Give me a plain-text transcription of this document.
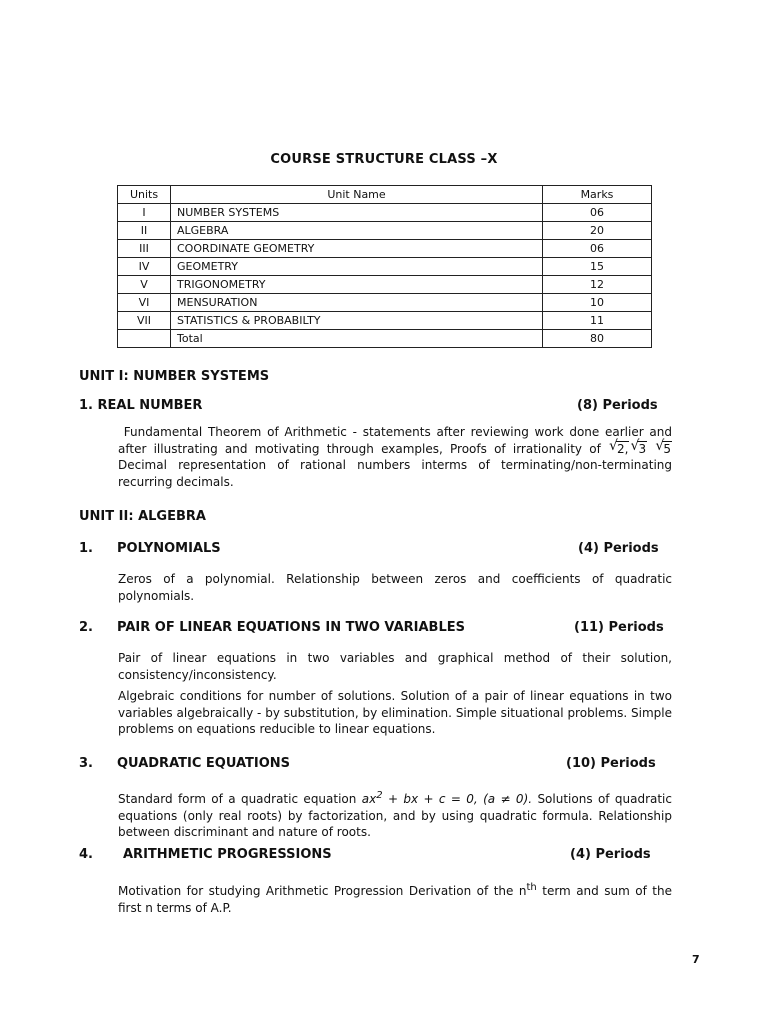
COURSE STRUCTURE CLASS –X
Units	Unit Name	Marks
I	NUMBER SYSTEMS	06
II	ALGEBRA	20
III	COORDINATE GEOMETRY	06
IV	GEOMETRY	15
V	TRIGONOMETRY	12
VI	MENSURATION	10
VII	STATISTICS & PROBABILTY	11
	Total	80
UNIT I: NUMBER SYSTEMS
1. REAL NUMBER	(8) Periods
Fundamental Theorem of Arithmetic - statements after reviewing work done earlier and after illustrating and motivating through examples, Proofs of irrationality of √ 2, √ 3 √ 5 Decimal representation of rational numbers interms of terminating/non-terminating recurring decimals.
UNIT II: ALGEBRA
1. POLYNOMIALS	(4) Periods
Zeros of a polynomial. Relationship between zeros and coefficients of quadratic polynomials.
2. PAIR OF LINEAR EQUATIONS IN TWO VARIABLES	(11) Periods
Pair of linear equations in two variables and graphical method of their solution, consistency/inconsistency.
Algebraic conditions for number of solutions. Solution of a pair of linear equations in two variables algebraically - by substitution, by elimination. Simple situational problems. Simple problems on equations reducible to linear equations.
3. QUADRATIC EQUATIONS	(10) Periods
Standard form of a quadratic equation $ax^2$ + bx + c = 0, (a ≠ 0). Solutions of quadratic equations (only real roots) by factorization, and by using quadratic formula. Relationship between discriminant and nature of roots.
4. ARITHMETIC PROGRESSIONS	(4) Periods
Motivation for studying Arithmetic Progression Derivation of the $n^{th}$ term and sum of the first n terms of A.P.
7
